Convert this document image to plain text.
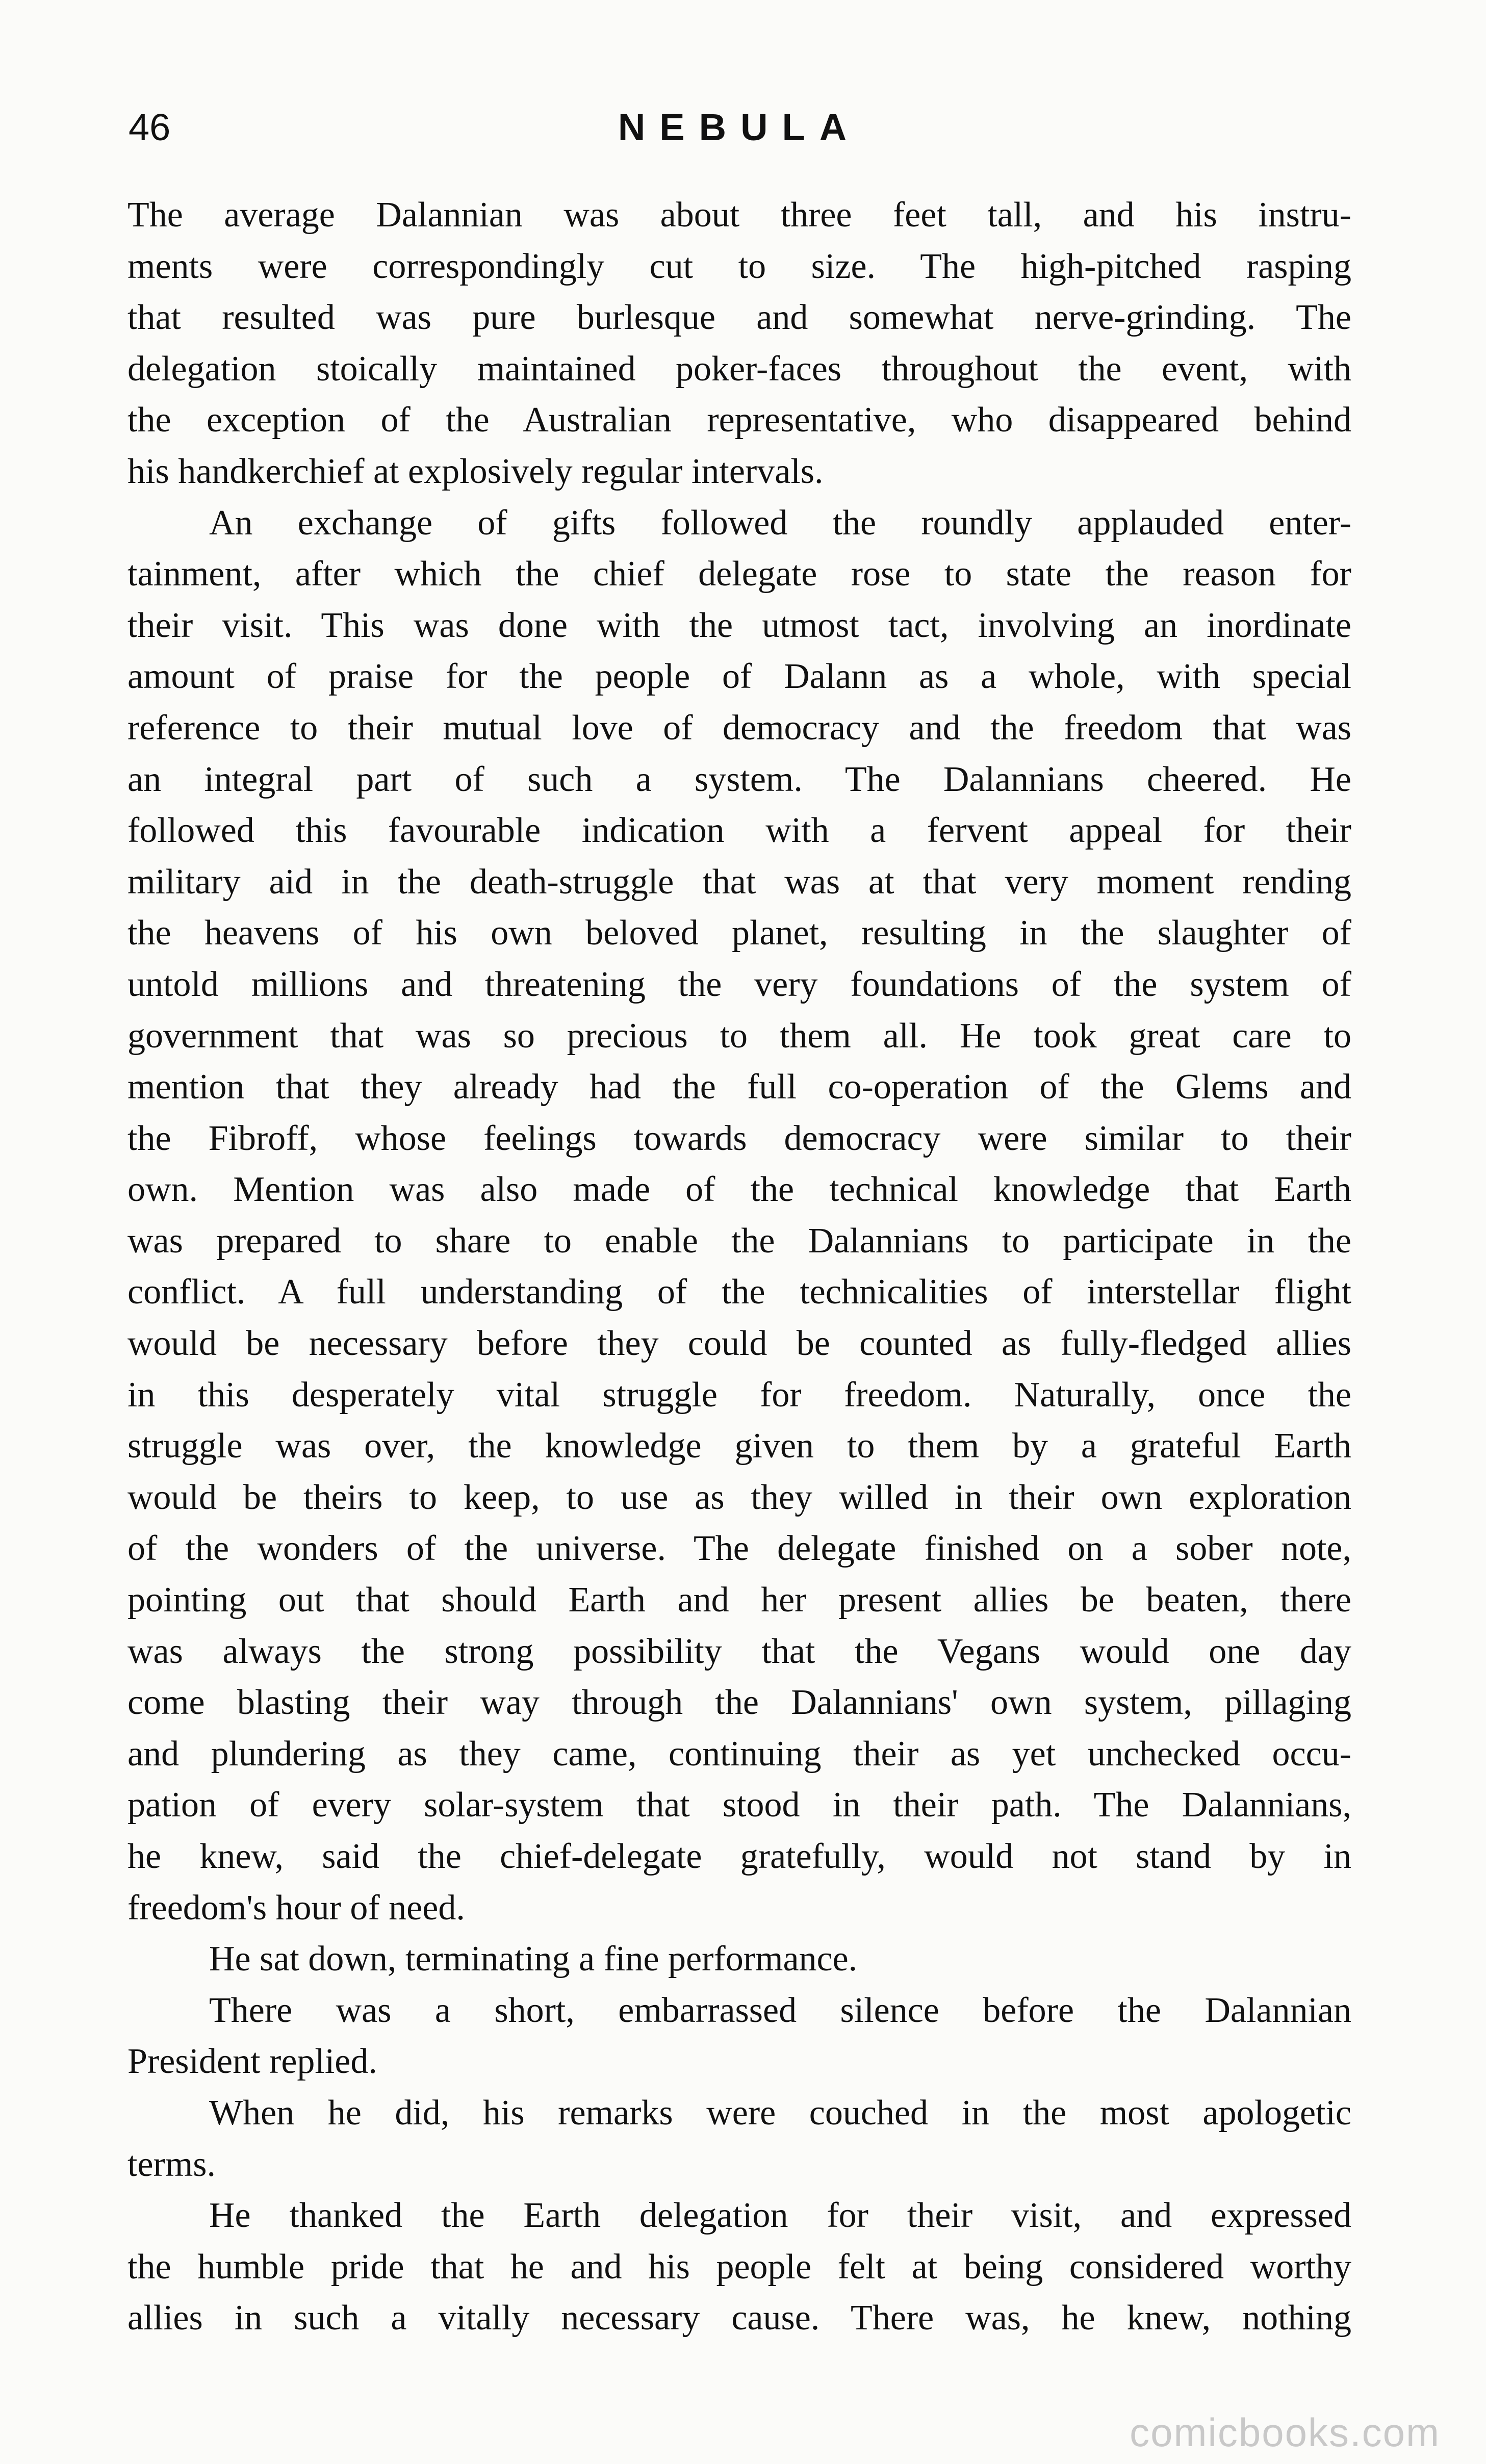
46	NEBULA
The average Dalannian was about three feet tall, and his instru-
ments were correspondingly cut to size. The high-pitched rasping
that resulted was pure burlesque and somewhat nerve-grinding. The
delegation stoically maintained poker-faces throughout the event, with
the exception of the Australian representative, who disappeared behind
his handkerchief at explosively regular intervals.
An exchange of gifts followed the roundly applauded enter-
tainment, after which the chief delegate rose to state the reason for
their visit. This was done with the utmost tact, involving an inordinate
amount of praise for the people of Dalann as a whole, with special
reference to their mutual love of democracy and the freedom that was
an integral part of such a system. The Dalannians cheered. He
followed this favourable indication with a fervent appeal for their
military aid in the death-struggle that was at that very moment rending
the heavens of his own beloved planet, resulting in the slaughter of
untold millions and threatening the very foundations of the system of
government that was so precious to them all. He took great care to
mention that they already had the full co-operation of the Glems and
the Fibroff, whose feelings towards democracy were similar to their
own. Mention was also made of the technical knowledge that Earth
was prepared to share to enable the Dalannians to participate in the
conflict. A full understanding of the technicalities of interstellar flight
would be necessary before they could be counted as fully-fledged allies
in this desperately vital struggle for freedom. Naturally, once the
struggle was over, the knowledge given to them by a grateful Earth
would be theirs to keep, to use as they willed in their own exploration
of the wonders of the universe. The delegate finished on a sober note,
pointing out that should Earth and her present allies be beaten, there
was always the strong possibility that the Vegans would one day
come blasting their way through the Dalannians' own system, pillaging
and plundering as they came, continuing their as yet unchecked occu-
pation of every solar-system that stood in their path. The Dalannians,
he knew, said the chief-delegate gratefully, would not stand by in
freedom's hour of need.
He sat down, terminating a fine performance.
There was a short, embarrassed silence before the Dalannian
President replied.
When he did, his remarks were couched in the most apologetic
terms.
He thanked the Earth delegation for their visit, and expressed
the humble pride that he and his people felt at being considered worthy
allies in such a vitally necessary cause. There was, he knew, nothing
comicbooks.com
